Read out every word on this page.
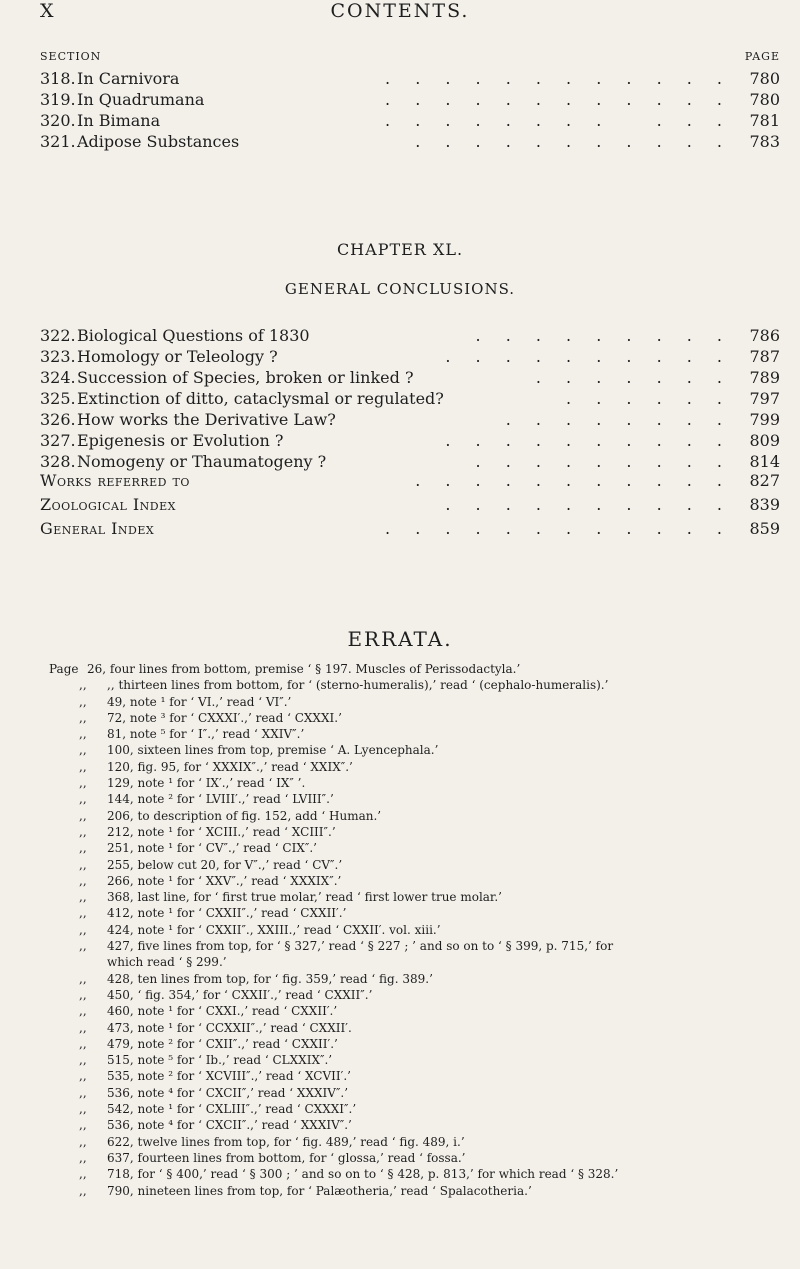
X	CONTENTS.
SECTION	PAGE
318. In Carnivora	. . . . . . . . . . . . 780
319. In Quadrumana	. . . . . . . . . . . . 780
320. In Bimana	. . . . . . . .   . . . 781
321. Adipose Substances	. . . . . . . . . . . 783
CHAPTER XL.
GENERAL CONCLUSIONS.
322. Biological Questions of 1830	. . . . . . . . . 786
323. Homology or Teleology ?	. . . . . . . . . . 787
324. Succession of Species, broken or linked ?	. . . . . . . 789
325. Extinction of ditto, cataclysmal or regulated?	. . . . . . 797
326. How works the Derivative Law?	. . . . . . . . 799
327. Epigenesis or Evolution ?	. . . . . . . . . . 809
328. Nomogeny or Thaumatogeny ?	. . . . . . . . . 814
Works referred to	. . . . . . . . . . . 827
Zoological Index	. . . . . . . . . . 839
General Index	. . . . . . . . . . . . 859
ERRATA.
Page 26, four lines from bottom, premise ‘ § 197. Muscles of Perissodactyla.’
,, ,, thirteen lines from bottom, for ‘ (sterno-humeralis),’ read ‘ (cephalo-humeralis).’
,, 49, note ¹ for ‘ VI.,’ read ‘ VI″.’
,, 72, note ³ for ‘ CXXXI′.,’ read ‘ CXXXI.’
,, 81, note ⁵ for ‘ I″.,’ read ‘ XXIV″.’
,, 100, sixteen lines from top, premise ‘ A. Lyencephala.’
,, 120, fig. 95, for ‘ XXXIX″.,’ read ‘ XXIX″.’
,, 129, note ¹ for ‘ IX′.,’ read ‘ IX″ ’.
,, 144, note ² for ‘ LVIII′.,’ read ‘ LVIII″.’
,, 206, to description of fig. 152, add ‘ Human.’
,, 212, note ¹ for ‘ XCIII.,’ read ‘ XCIII″.’
,, 251, note ¹ for ‘ CV″.,’ read ‘ CIX″.’
,, 255, below cut 20, for V″.,’ read ‘ CV″.’
,, 266, note ¹ for ‘ XXV″.,’ read ‘ XXXIX″.’
,, 368, last line, for ‘ first true molar,’ read ‘ first lower true molar.’
,, 412, note ¹ for ‘ CXXII″.,’ read ‘ CXXII′.’
,, 424, note ¹ for ‘ CXXII″., XXIII.,’ read ‘ CXXII′. vol. xiii.’
,, 427, five lines from top, for ‘ § 327,’ read ‘ § 227 ; ’ and so on to ‘ § 399, p. 715,’ for
which read ‘ § 299.’
,, 428, ten lines from top, for ‘ fig. 359,’ read ‘ fig. 389.’
,, 450, ‘ fig. 354,’ for ‘ CXXII′.,’ read ‘ CXXII″.’
,, 460, note ¹ for ‘ CXXI.,’ read ‘ CXXII′.’
,, 473, note ¹ for ‘ CCXXII″.,’ read ‘ CXXII′.
,, 479, note ² for ‘ CXII″.,’ read ‘ CXXII′.’
,, 515, note ⁵ for ‘ Ib.,’ read ‘ CLXXIX″.’
,, 535, note ² for ‘ XCVIII″.,’ read ‘ XCVII′.’
,, 536, note ⁴ for ‘ CXCII″,’ read ‘ XXXIV″.’
,, 542, note ¹ for ‘ CXLIII″.,’ read ‘ CXXXI″.’
,, 536, note ⁴ for ‘ CXCII″.,’ read ‘ XXXIV″.’
,, 622, twelve lines from top, for ‘ fig. 489,’ read ‘ fig. 489, i.’
,, 637, fourteen lines from bottom, for ‘ glossa,’ read ‘ fossa.’
,, 718, for ‘ § 400,’ read ‘ § 300 ; ’ and so on to ‘ § 428, p. 813,’ for which read ‘ § 328.’
,, 790, nineteen lines from top, for ‘ Palæotheria,’ read ‘ Spalacotheria.’
